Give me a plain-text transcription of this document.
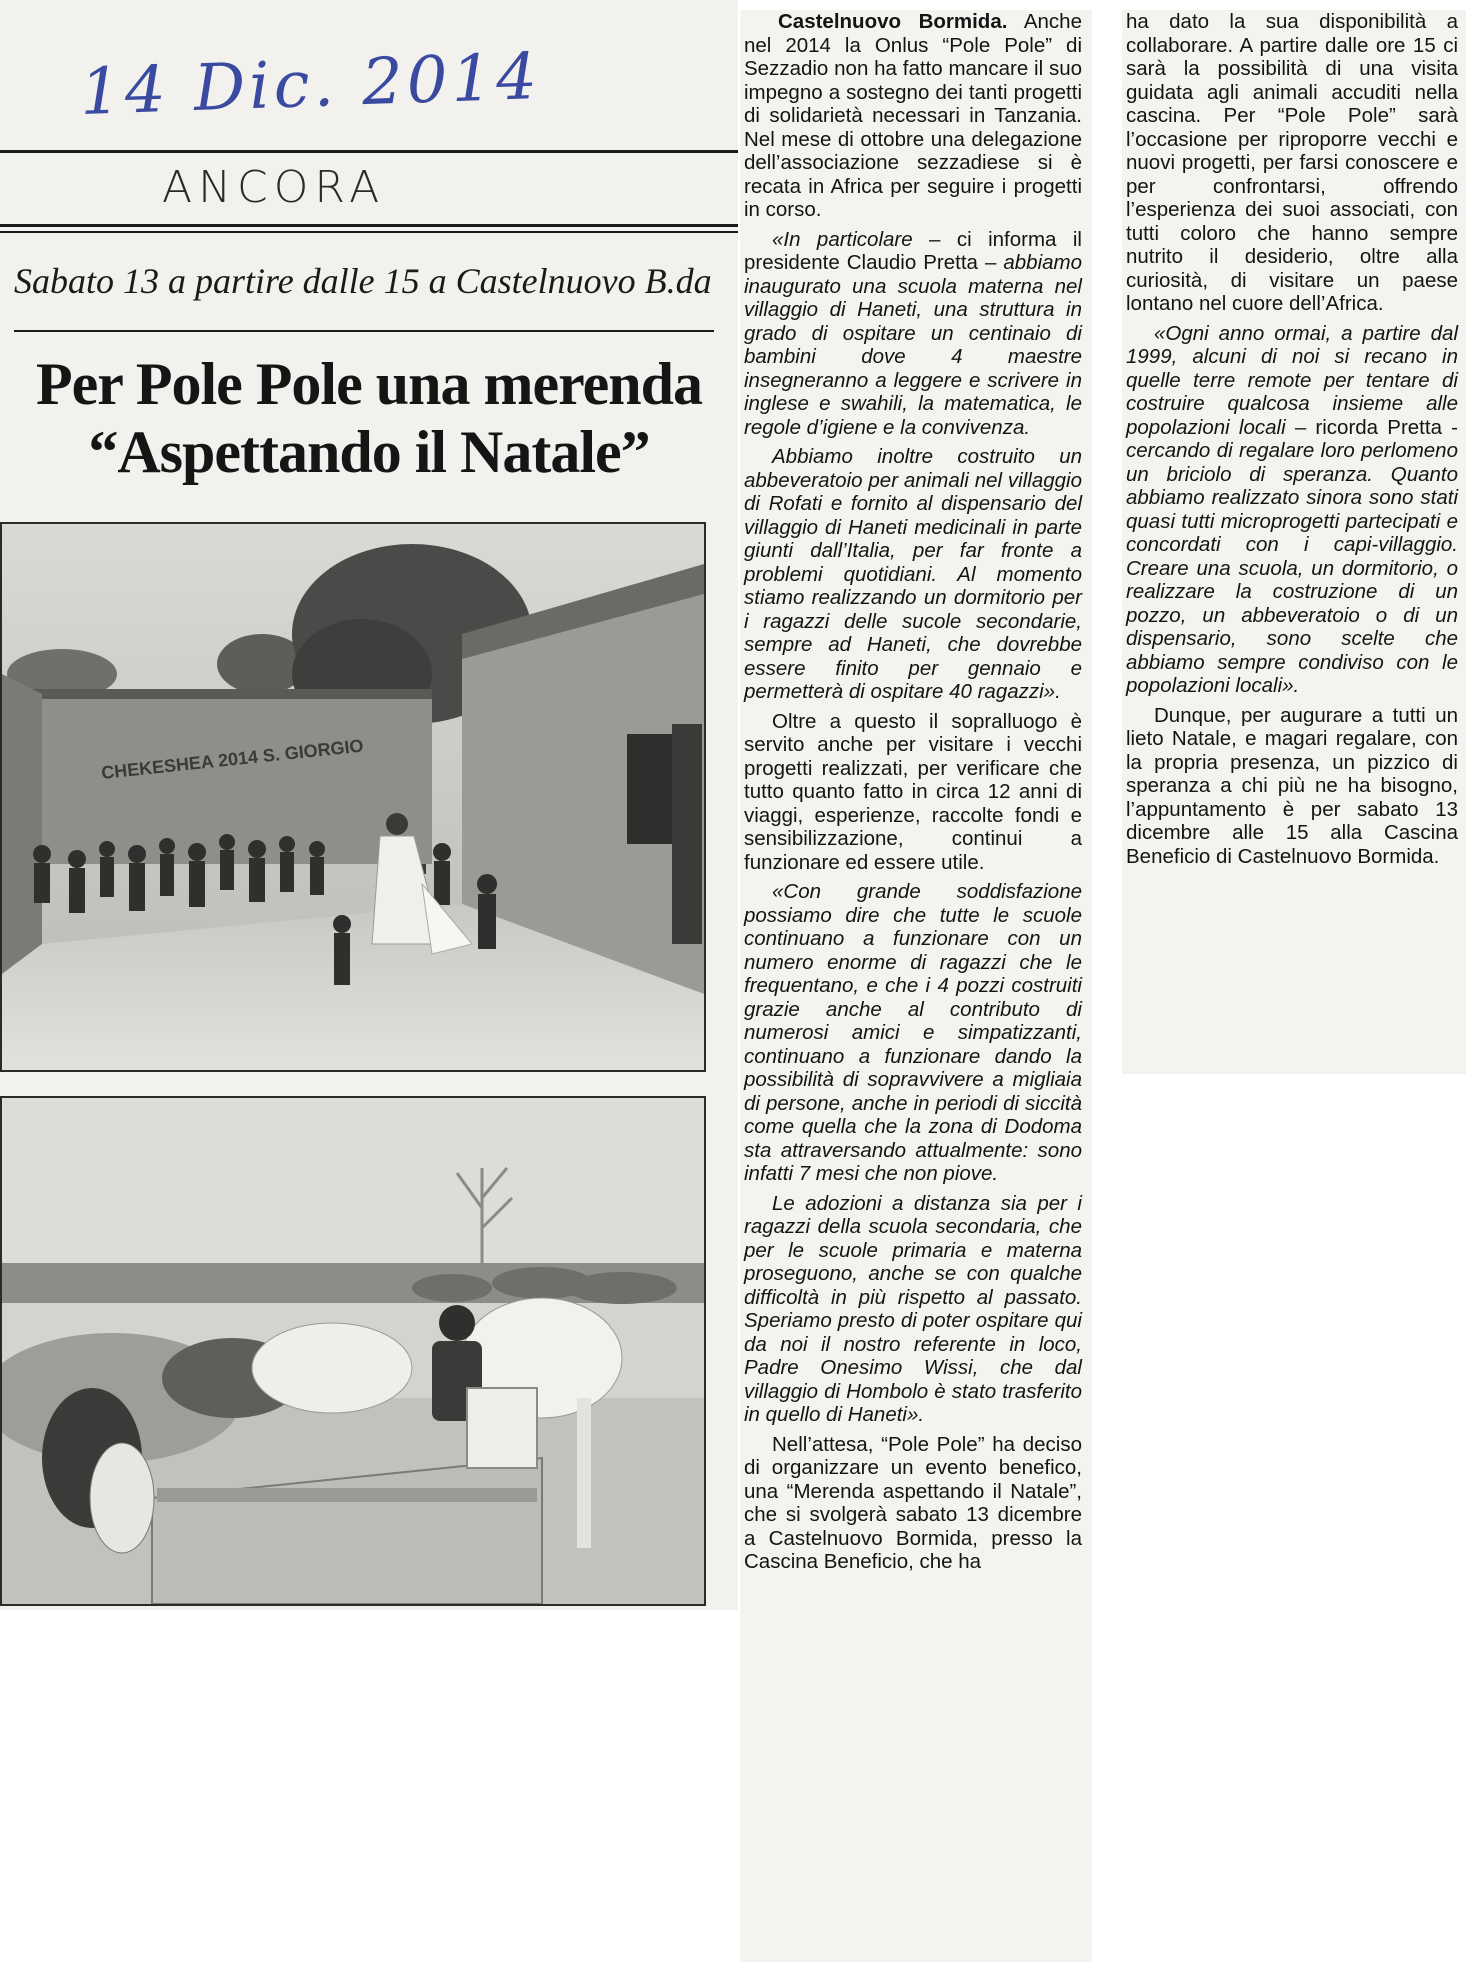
14 Dic. 2014
ANCORA
Sabato 13 a partire dalle 15 a Castelnuovo B.da
Per Pole Pole una merenda
“Aspettando il Natale”
CHEKESHEA 2014 S. GIORGIO

Castelnuovo Bormida. Anche nel 2014 la Onlus “Pole Pole” di Sezzadio non ha fatto mancare il suo impegno a sostegno dei tanti progetti di solidarietà necessari in Tanzania. Nel mese di ottobre una delegazione dell’associazione sezzadiese si è recata in Africa per seguire i progetti in corso.

«In particolare – ci informa il presidente Claudio Pretta – abbiamo inaugurato una scuola materna nel villaggio di Haneti, una struttura in grado di ospitare un centinaio di bambini dove 4 maestre insegneranno a leggere e scrivere in inglese e swahili, la matematica, le regole d’igiene e la convivenza.

Abbiamo inoltre costruito un abbeveratoio per animali nel villaggio di Rofati e fornito al dispensario del villaggio di Haneti medicinali in parte giunti dall’Italia, per far fronte a problemi quotidiani. Al momento stiamo realizzando un dormitorio per i ragazzi delle sucole secondarie, sempre ad Haneti, che dovrebbe essere finito per gennaio e permetterà di ospitare 40 ragazzi».

Oltre a questo il sopralluogo è servito anche per visitare i vecchi progetti realizzati, per verificare che tutto quanto fatto in circa 12 anni di viaggi, esperienze, raccolte fondi e sensibilizzazione, continui a funzionare ed essere utile.

«Con grande soddisfazione possiamo dire che tutte le scuole continuano a funzionare con un numero enorme di ragazzi che le frequentano, e che i 4 pozzi costruiti grazie anche al contributo di numerosi amici e simpatizzanti, continuano a funzionare dando la possibilità di sopravvivere a migliaia di persone, anche in periodi di siccità come quella che la zona di Dodoma sta attraversando attualmente: sono infatti 7 mesi che non piove.

Le adozioni a distanza sia per i ragazzi della scuola secondaria, che per le scuole primaria e materna proseguono, anche se con qualche difficoltà in più rispetto al passato. Speriamo presto di poter ospitare qui da noi il nostro referente in loco, Padre Onesimo Wissi, che dal villaggio di Hombolo è stato trasferito in quello di Haneti».

Nell’attesa, “Pole Pole” ha deciso di organizzare un evento benefico, una “Merenda aspettando il Natale”, che si svolgerà sabato 13 dicembre a Castelnuovo Bormida, presso la Cascina Beneficio, che ha

ha dato la sua disponibilità a collaborare. A partire dalle ore 15 ci sarà la possibilità di una visita guidata agli animali accuditi nella cascina. Per “Pole Pole” sarà l’occasione per riproporre vecchi e nuovi progetti, per farsi conoscere e per confrontarsi, offrendo l’esperienza dei suoi associati, con tutti coloro che hanno sempre nutrito il desiderio, oltre alla curiosità, di visitare un paese lontano nel cuore dell’Africa.

«Ogni anno ormai, a partire dal 1999, alcuni di noi si recano in quelle terre remote per tentare di costruire qualcosa insieme alle popolazioni locali – ricorda Pretta - cercando di regalare loro perlomeno un briciolo di speranza. Quanto abbiamo realizzato sinora sono stati quasi tutti microprogetti partecipati e concordati con i capi-villaggio. Creare una scuola, un dormitorio, o realizzare la costruzione di un pozzo, un abbeveratoio o di un dispensario, sono scelte che abbiamo sempre condiviso con le popolazioni locali».

Dunque, per augurare a tutti un lieto Natale, e magari regalare, con la propria presenza, un pizzico di speranza a chi più ne ha bisogno, l’appuntamento è per sabato 13 dicembre alle 15 alla Cascina Beneficio di Castelnuovo Bormida.
